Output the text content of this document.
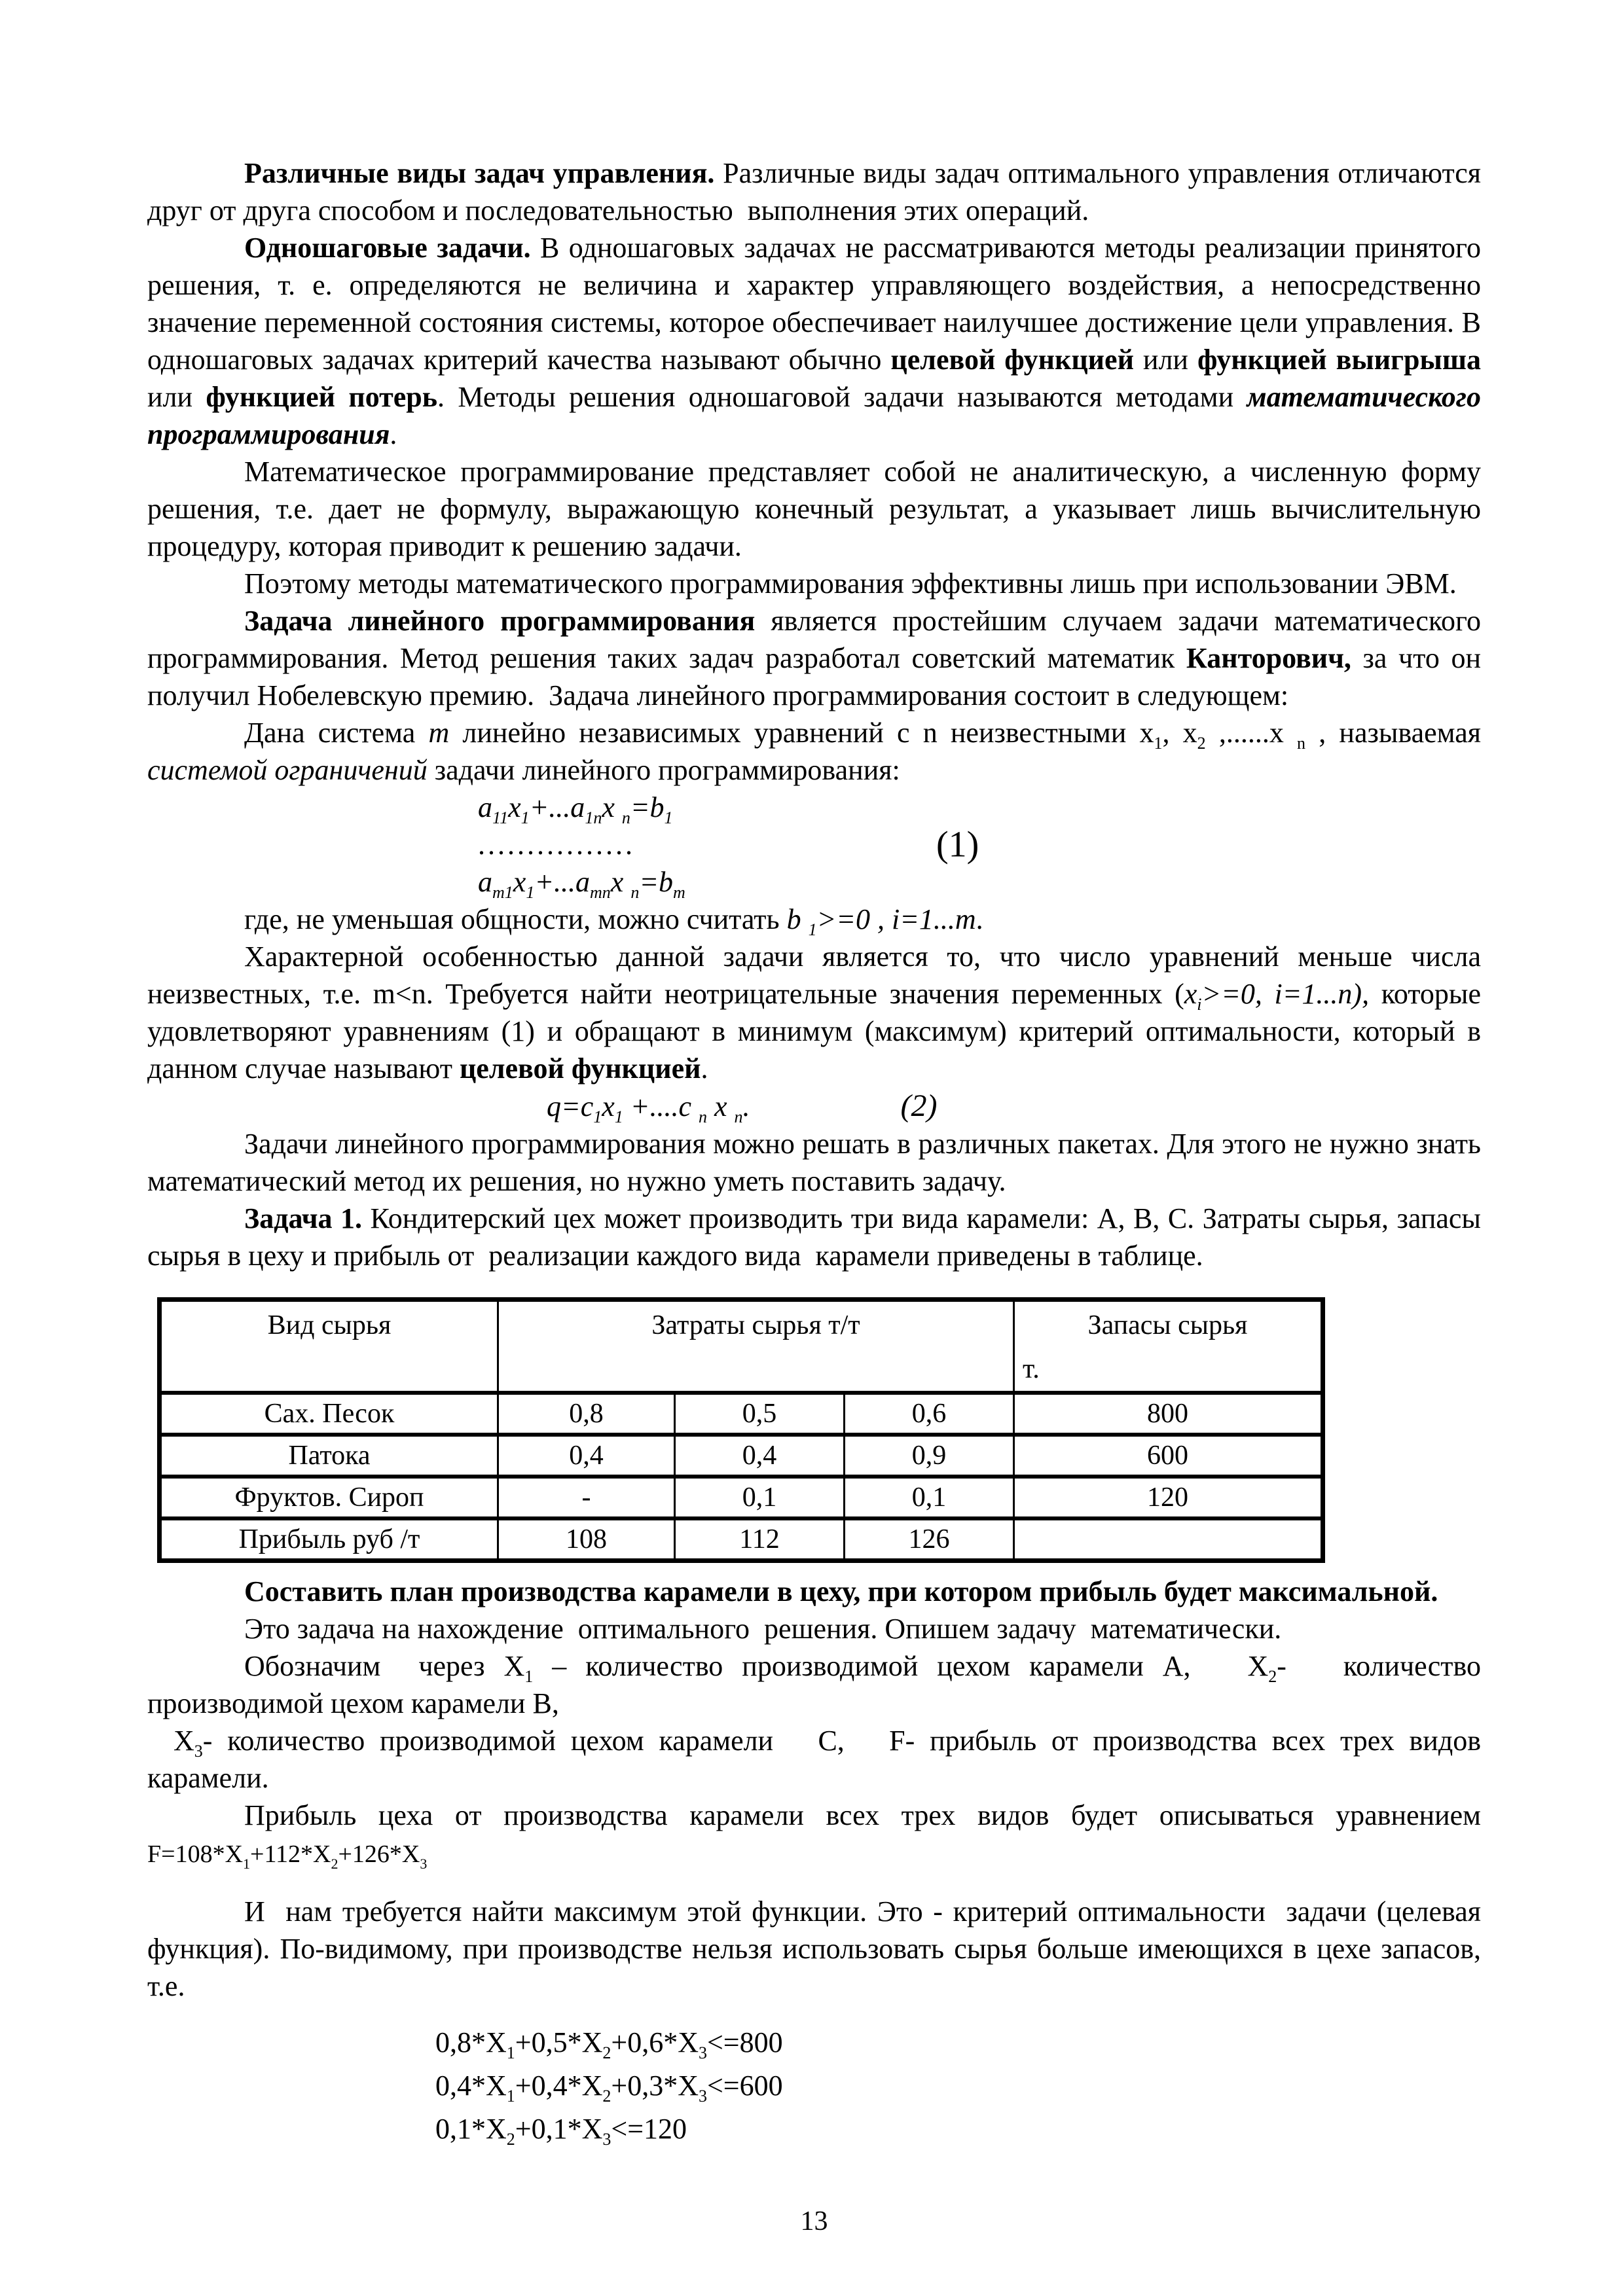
Различные виды задач управления. Различные виды задач оптимального управления отличаются друг от друга способом и последовательностью  выполнения этих операций.

Одношаговые задачи. В одношаговых задачах не рассматриваются методы реализации принятого решения, т. е. определяются не величина и характер управляющего воздействия, а непосредственно значение переменной состояния системы, которое обеспечивает наилучшее достижение цели управления. В одношаговых задачах критерий качества называют обычно целевой функцией или функцией выигрыша или функцией потерь. Методы решения одношаговой задачи называются методами математического программирования.

Математическое программирование представляет собой не аналитическую, а численную форму решения, т.е. дает не формулу, выражающую конечный результат, а указывает лишь вычислительную процедуру, которая приводит к решению задачи.

Поэтому методы математического программирования эффективны лишь при использовании ЭВМ.

Задача линейного программирования является простейшим случаем задачи математического программирования. Метод решения таких задач разработал советский математик Канторович, за что он получил Нобелевскую премию.  Задача линейного программирования состоит в следующем:

Дана система m линейно независимых уравнений с n неизвестными $x_1$, $x_2$ ,......x $_n$ , называемая системой ограничений задачи линейного программирования:

$a_{11}x_1+...a_{1n}x$ $_n=b_1$
................
$a_{m1}x_1+...a_{mn}x$ $_n=b_m$
(1)

где, не уменьшая общности, можно считать b $_1$>=0 , i=1...m.

Характерной особенностью данной задачи является то, что число уравнений меньше числа неизвестных, т.е. m<n. Требуется найти неотрицательные значения переменных ($x_i>=0$, i=1...n), которые удовлетворяют уравнениям (1) и обращают в минимум (максимум) критерий оптимальности, который в данном случае называют целевой функцией.

$q=c_1x_1 +....c$ $_n$ x $_n$.	(2)

Задачи линейного программирования можно решать в различных пакетах. Для этого не нужно знать  математический метод их решения, но нужно уметь поставить задачу.

Задача 1. Кондитерский цех может производить три вида карамели: А, В, С. Затраты сырья, запасы сырья в цеху и прибыль от  реализации каждого вида  карамели приведены в таблице.

Вид сырья	Затраты сырья т/т			Запасы сырья
т.

Сах. Песок	0,8	0,5	0,6	800
Патока	0,4	0,4	0,9	600
Фруктов. Сироп	-	0,1	0,1	120
Прибыль руб /т	108	112	126	

Составить план производства карамели в цеху, при котором прибыль будет максимальной.

Это задача на нахождение  оптимального  решения. Опишем задачу  математически.

Обозначим  через $X_1$ – количество производимой цехом карамели А,   $X_2-$   количество производимой цехом карамели В,

$X_3-$ количество производимой цехом карамели   С,   F- прибыль от производства всех трех видов карамели.

Прибыль цеха от производства карамели всех трех видов будет описываться уравнением $F=108*X_1+112*X_2+126*X_3$

И  нам требуется найти максимум этой функции. Это - критерий оптимальности  задачи (целевая  функция). По-видимому, при производстве нельзя использовать сырья больше имеющихся в цехе запасов, т.е.

$0,8*X_1+0,5*X_2+0,6*X_3<=800$
$0,4*X_1+0,4*X_2+0,3*X_3<=600$
$0,1*X_2+0,1*X_3<=120$
13
